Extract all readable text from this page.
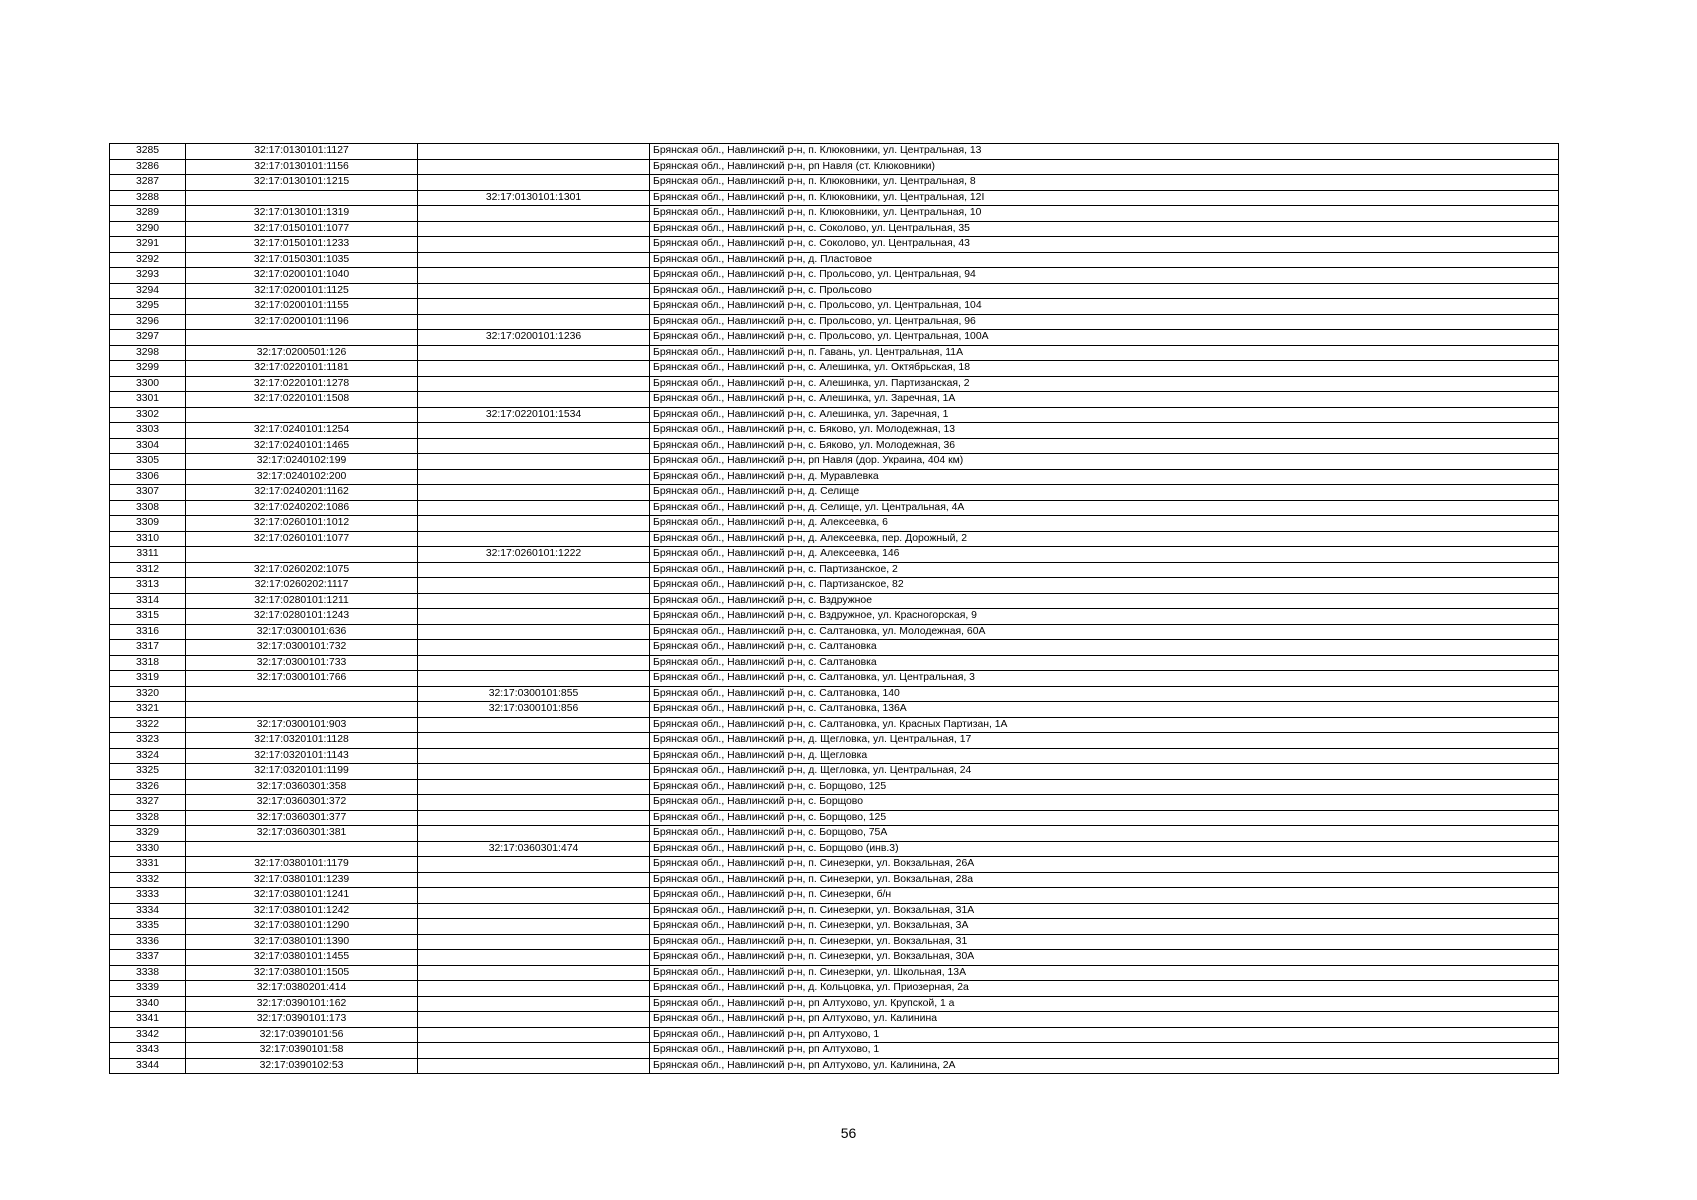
3285	32:17:0130101:1127		Брянская обл., Навлинский р-н, п. Клюковники, ул. Центральная, 13
3286	32:17:0130101:1156		Брянская обл., Навлинский р-н, рп Навля (ст. Клюковники)
3287	32:17:0130101:1215		Брянская обл., Навлинский р-н, п. Клюковники, ул. Центральная, 8
3288		32:17:0130101:1301	Брянская обл., Навлинский р-н, п. Клюковники, ул. Центральная, 12І
3289	32:17:0130101:1319		Брянская обл., Навлинский р-н, п. Клюковники, ул. Центральная, 10
3290	32:17:0150101:1077		Брянская обл., Навлинский р-н, с. Соколово, ул. Центральная, 35
3291	32:17:0150101:1233		Брянская обл., Навлинский р-н, с. Соколово, ул. Центральная, 43
3292	32:17:0150301:1035		Брянская обл., Навлинский р-н, д. Пластовое
3293	32:17:0200101:1040		Брянская обл., Навлинский р-н, с. Прольсово, ул. Центральная, 94
3294	32:17:0200101:1125		Брянская обл., Навлинский р-н, с. Прольсово
3295	32:17:0200101:1155		Брянская обл., Навлинский р-н, с. Прольсово, ул. Центральная, 104
3296	32:17:0200101:1196		Брянская обл., Навлинский р-н, с. Прольсово, ул. Центральная, 96
3297		32:17:0200101:1236	Брянская обл., Навлинский р-н, с. Прольсово, ул. Центральная, 100А
3298	32:17:0200501:126		Брянская обл., Навлинский р-н, п. Гавань, ул. Центральная, 11А
3299	32:17:0220101:1181		Брянская обл., Навлинский р-н, с. Алешинка, ул. Октябрьская, 18
3300	32:17:0220101:1278		Брянская обл., Навлинский р-н, с. Алешинка, ул. Партизанская, 2
3301	32:17:0220101:1508		Брянская обл., Навлинский р-н, с. Алешинка, ул. Заречная, 1А
3302		32:17:0220101:1534	Брянская обл., Навлинский р-н, с. Алешинка, ул. Заречная, 1
3303	32:17:0240101:1254		Брянская обл., Навлинский р-н, с. Бяково, ул. Молодежная, 13
3304	32:17:0240101:1465		Брянская обл., Навлинский р-н, с. Бяково, ул. Молодежная, 36
3305	32:17:0240102:199		Брянская обл., Навлинский р-н, рп Навля (дор. Украина, 404 км)
3306	32:17:0240102:200		Брянская обл., Навлинский р-н, д. Муравлевка
3307	32:17:0240201:1162		Брянская обл., Навлинский р-н, д. Селище
3308	32:17:0240202:1086		Брянская обл., Навлинский р-н, д. Селище, ул. Центральная, 4А
3309	32:17:0260101:1012		Брянская обл., Навлинский р-н, д. Алексеевка, 6
3310	32:17:0260101:1077		Брянская обл., Навлинский р-н, д. Алексеевка, пер. Дорожный, 2
3311		32:17:0260101:1222	Брянская обл., Навлинский р-н, д. Алексеевка, 146
3312	32:17:0260202:1075		Брянская обл., Навлинский р-н, с. Партизанское, 2
3313	32:17:0260202:1117		Брянская обл., Навлинский р-н, с. Партизанское, 82
3314	32:17:0280101:1211		Брянская обл., Навлинский р-н, с. Вздружное
3315	32:17:0280101:1243		Брянская обл., Навлинский р-н, с. Вздружное, ул. Красногорская, 9
3316	32:17:0300101:636		Брянская обл., Навлинский р-н, с. Салтановка, ул. Молодежная, 60А
3317	32:17:0300101:732		Брянская обл., Навлинский р-н, с. Салтановка
3318	32:17:0300101:733		Брянская обл., Навлинский р-н, с. Салтановка
3319	32:17:0300101:766		Брянская обл., Навлинский р-н, с. Салтановка, ул. Центральная, 3
3320		32:17:0300101:855	Брянская обл., Навлинский р-н, с. Салтановка, 140
3321		32:17:0300101:856	Брянская обл., Навлинский р-н, с. Салтановка, 136А
3322	32:17:0300101:903		Брянская обл., Навлинский р-н, с. Салтановка, ул. Красных Партизан, 1А
3323	32:17:0320101:1128		Брянская обл., Навлинский р-н, д. Щегловка, ул. Центральная, 17
3324	32:17:0320101:1143		Брянская обл., Навлинский р-н, д. Щегловка
3325	32:17:0320101:1199		Брянская обл., Навлинский р-н, д. Щегловка, ул. Центральная, 24
3326	32:17:0360301:358		Брянская обл., Навлинский р-н, с. Борщово, 125
3327	32:17:0360301:372		Брянская обл., Навлинский р-н, с. Борщово
3328	32:17:0360301:377		Брянская обл., Навлинский р-н, с. Борщово, 125
3329	32:17:0360301:381		Брянская обл., Навлинский р-н, с. Борщово, 75А
3330		32:17:0360301:474	Брянская обл., Навлинский р-н, с. Борщово (инв.3)
3331	32:17:0380101:1179		Брянская обл., Навлинский р-н, п. Синезерки, ул. Вокзальная, 26А
3332	32:17:0380101:1239		Брянская обл., Навлинский р-н, п. Синезерки, ул. Вокзальная, 28а
3333	32:17:0380101:1241		Брянская обл., Навлинский р-н, п. Синезерки, б/н
3334	32:17:0380101:1242		Брянская обл., Навлинский р-н, п. Синезерки, ул. Вокзальная, 31А
3335	32:17:0380101:1290		Брянская обл., Навлинский р-н, п. Синезерки, ул. Вокзальная, 3А
3336	32:17:0380101:1390		Брянская обл., Навлинский р-н, п. Синезерки, ул. Вокзальная, 31
3337	32:17:0380101:1455		Брянская обл., Навлинский р-н, п. Синезерки, ул. Вокзальная, 30А
3338	32:17:0380101:1505		Брянская обл., Навлинский р-н, п. Синезерки, ул. Школьная, 13А
3339	32:17:0380201:414		Брянская обл., Навлинский р-н, д. Кольцовка, ул. Приозерная, 2а
3340	32:17:0390101:162		Брянская обл., Навлинский р-н, рп Алтухово, ул. Крупской, 1 а
3341	32:17:0390101:173		Брянская обл., Навлинский р-н, рп Алтухово, ул. Калинина
3342	32:17:0390101:56		Брянская обл., Навлинский р-н, рп Алтухово, 1
3343	32:17:0390101:58		Брянская обл., Навлинский р-н, рп Алтухово, 1
3344	32:17:0390102:53		Брянская обл., Навлинский р-н, рп Алтухово, ул. Калинина, 2А
56
